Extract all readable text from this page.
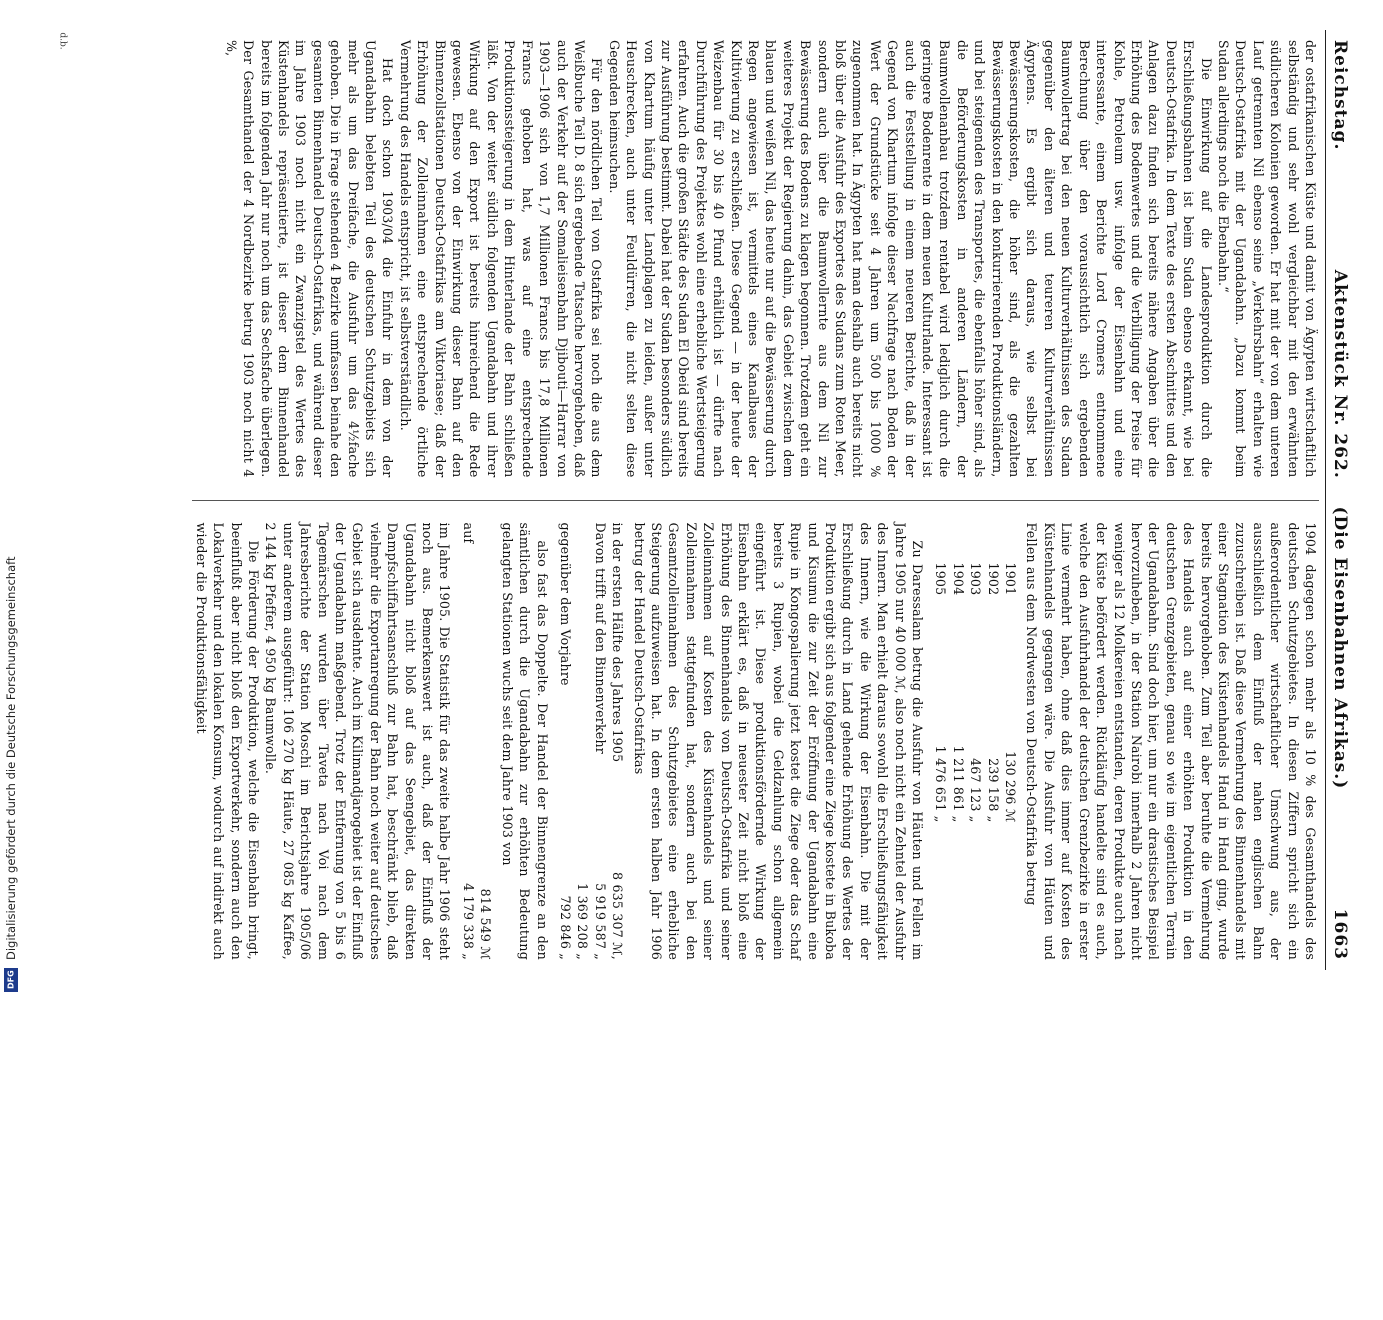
Digitalisierung gefördert durch die Deutsche Forschungsgemeinschaft
DFG
d.b.	Reichstag.
Aktenstück Nr. 262.    (Die Eisenbahnen Afrikas.)
1663

der ostafrikanischen Küste und damit von Ägypten wirtschaftlich selbständig und sehr wohl vergleichbar mit den erwähnten südlicheren Kolonien geworden. Er hat mit der von dem unteren Lauf getrennten Nil ebenso seine „Verkehrsbahn“ erhalten wie Deutsch-Ostafrika mit der Ugandabahn. „Dazu kommt beim Sudan allerdings noch die Ebenbahn.“

Die Einwirkung auf die Landesproduktion durch die Erschließungsbahnen ist beim Sudan ebenso erkannt, wie bei Deutsch-Ostafrika. In dem Texte des ersten Abschnittes und den Anlagen dazu finden sich bereits nähere Angaben über die Erhöhung des Bodenwertes und die Verbilligung der Preise für Kohle, Petroleum usw. infolge der Eisenbahn und eine interessante, einem Berichte Lord Cromers entnommene Berechnung über den voraussichtlich sich ergebenden Baumwollertrag bei den neuen Kulturverhältnissen des Sudan gegenüber den älteren und teureren Kulturverhältnissen Ägyptens. Es ergibt sich daraus, wie selbst bei Bewässerungskosten, die höher sind, als die gezahlten Bewässerungskosten in den konkurrierenden Produktionsländern, und bei steigenden des Transportes, die ebenfalls höher sind, als die Beförderungskosten in anderen Ländern, der Baumwollenanbau trotzdem rentabel wird lediglich durch die geringere Bodenrente in dem neuen Kulturlande. Interessant ist auch die Feststellung in einem neueren Berichte, daß in der Gegend von Khartum infolge dieser Nachfrage nach Boden der Wert der Grundstücke seit 4 Jahren um 500 bis 1000 % zugenommen hat. In Ägypten hat man deshalb auch bereits nicht bloß über die Ausfuhr des Exportes des Sudans zum Roten Meer, sondern auch über die Baumwollernte aus dem Nil zur Bewässerung des Bodens zu klagen begonnen. Trotzdem geht ein weiteres Projekt der Regierung dahin, das Gebiet zwischen dem blauen und weißen Nil, das heute nur auf die Bewässerung durch Regen angewiesen ist, vermittels eines Kanalbaues der Kultivierung zu erschließen. Diese Gegend — in der heute der Weizenbau für 30 bis 40 Pfund erhältlich ist — dürfte nach Durchführung des Projektes wohl eine erhebliche Wertsteigerung erfahren. Auch die großen Städte des Sudan El Obeid sind bereits zur Ausführung bestimmt. Dabei hat der Sudan besonders südlich von Khartum häufig unter Landplagen zu leiden, außer unter Heuschrecken, auch unter Feuldürren, die nicht selten diese Gegenden heimsuchen.

Für den nördlichen Teil von Ostafrika sei noch die aus dem Weißbuche Teil D. 8 sich ergebende Tatsache hervorgehoben, daß auch der Verkehr auf der Somalieisenbahn Djibouti—Harrar von 1903—1906 sich von 1,7 Millionen Francs bis 17,8 Millionen Francs gehoben hat, was auf eine entsprechende Produktionssteigerung in dem Hinterlande der Bahn schließen läßt. Von der weiter südlich folgenden Ugandabahn und ihrer Wirkung auf den Export ist bereits hinreichend die Rede gewesen. Ebenso von der Einwirkung dieser Bahn auf den Binnenzollstationen Deutsch-Ostafrikas am Viktoriasee; daß der Erhöhung der Zolleinnahmen eine entsprechende örtliche Vermehrung des Handels entspricht, ist selbstverständlich.

Hat doch schon 1903/04 die Einfuhr in dem von der Ugandabahn belebten Teil des deutschen Schutzgebiets sich mehr als um das Dreifache, die Ausfuhr um das 4½fache gehoben. Die in Frage stehenden 4 Bezirke umfassen beinahe den gesamten Binnenhandel Deutsch-Ostafrikas, und während dieser im Jahre 1903 noch nicht ein Zwanzigstel des Wertes des Küstenhandels repräsentierte, ist dieser dem Binnenhandel bereits im folgenden Jahr nur noch um das Sechsfache überlegen. Der Gesamthandel der 4 Nordbezirke betrug 1903 noch nicht 4 %,

1904 dagegen schon mehr als 10 % des Gesamthandels des deutschen Schutzgebietes. In diesen Ziffern spricht sich ein außerordentlicher wirtschaftlicher Umschwung aus, der ausschließlich dem Einfluß der nahen englischen Bahn zuzuschreiben ist. Daß diese Vermehrung des Binnenhandels mit einer Stagnation des Küstenhandels Hand in Hand ging, wurde bereits hervorgehoben. Zum Teil aber beruhte die Vermehrung des Handels auch auf einer erhöhten Produktion in den deutschen Grenzgebieten, genau so wie im eigentlichen Terrain der Ugandabahn. Sind doch hier, um nur ein drastisches Beispiel hervorzuheben, in der Station Nairobi innerhalb 2 Jahren nicht weniger als 12 Molkereien entstanden, deren Produkte auch nach der Küste befördert werden. Rückläufig handelte sind es auch, welche den Ausfuhrhandel der deutschen Grenzbezirke in erster Linie vermehrt haben, ohne daß dies immer auf Kosten des Küstenhandels gegangen wäre. Die Ausfuhr von Häuten und Fellen aus dem Nordwesten von Deutsch-Ostafrika betrug

1901
130 296 ℳ
1902
239 158 „
1903
467 123 „
1904
1 211 861 „
1905
1 476 651 „

Zu Daressalam betrug die Ausfuhr von Häuten und Fellen im Jahre 1905 nur 40 000 ℳ, also noch nicht ein Zehntel der Ausfuhr des Innern. Man erhielt daraus sowohl die Erschließungsfähigkeit des Innern, wie die Wirkung der Eisenbahn. Die mit der Erschließung durch in Land gehende Erhöhung des Wertes der Produktion ergibt sich aus folgender eine Ziege kostete in Bukoba und Kisumu die zur Zeit der Eröffnung der Ugandabahn eine Rupie in Kongospalierung jetzt kostet die Ziege oder das Schaf bereits 3 Rupien, wobei die Geldzahlung schon allgemein eingeführt ist. Diese produktionsfördernde Wirkung der Eisenbahn erklärt es, daß in neuester Zeit nicht bloß eine Erhöhung des Binnenhandels von Deutsch-Ostafrika und seiner Zolleinnahmen auf Kosten des Küstenhandels und seiner Zolleinnahmen stattgefunden hat, sondern auch bei den Gesamtzolleinnahmen des Schutzgebietes eine erhebliche Steigerung aufzuweisen hat. In dem ersten halben Jahr 1906 betrug der Handel Deutsch-Ostafrikas

in der ersten Hälfte des Jahres 1905
8 635 307 ℳ,
Davon trifft auf den Binnenverkehr
5 919 587 „
1 369 208 „
gegenüber dem Vorjahre
792 846 „

also fast das Doppelte. Der Handel der Binnengrenze an den sämtlichen durch die Ugandabahn zur erhöhten Bedeutung gelangten Stationen wuchs seit dem Jahre 1903 von

814 549 ℳ
auf
4 179 338 „

im Jahre 1905. Die Statistik für das zweite halbe Jahr 1906 steht noch aus. Bemerkenswert ist auch, daß der Einfluß der Ugandabahn nicht bloß auf das Seengebiet, das direkten Dampfschiffahrtsanschluß zur Bahn hat, beschränkt blieb, daß vielmehr die Exportanregung der Bahn noch weiter auf deutsches Gebiet sich ausdehnte. Auch im Kilimandjarogebiet ist der Einfluß der Ugandabahn maßgebend. Trotz der Entfernung von 5 bis 6 Tagemärschen wurden über Taveta nach Voi nach dem Jahresberichte der Station Moschi im Berichtsjahre 1905/06 unter anderem ausgeführt: 106 270 kg Häute, 27 085 kg Kaffee, 2 144 kg Pfeffer, 4 950 kg Baumwolle.

Die Förderung der Produktion, welche die Eisenbahn bringt, beeinflußt aber nicht bloß den Exportverkehr, sondern auch den Lokalverkehr und den lokalen Konsum, wodurch auf indirekt auch wieder die Produktionsfähigkeit
